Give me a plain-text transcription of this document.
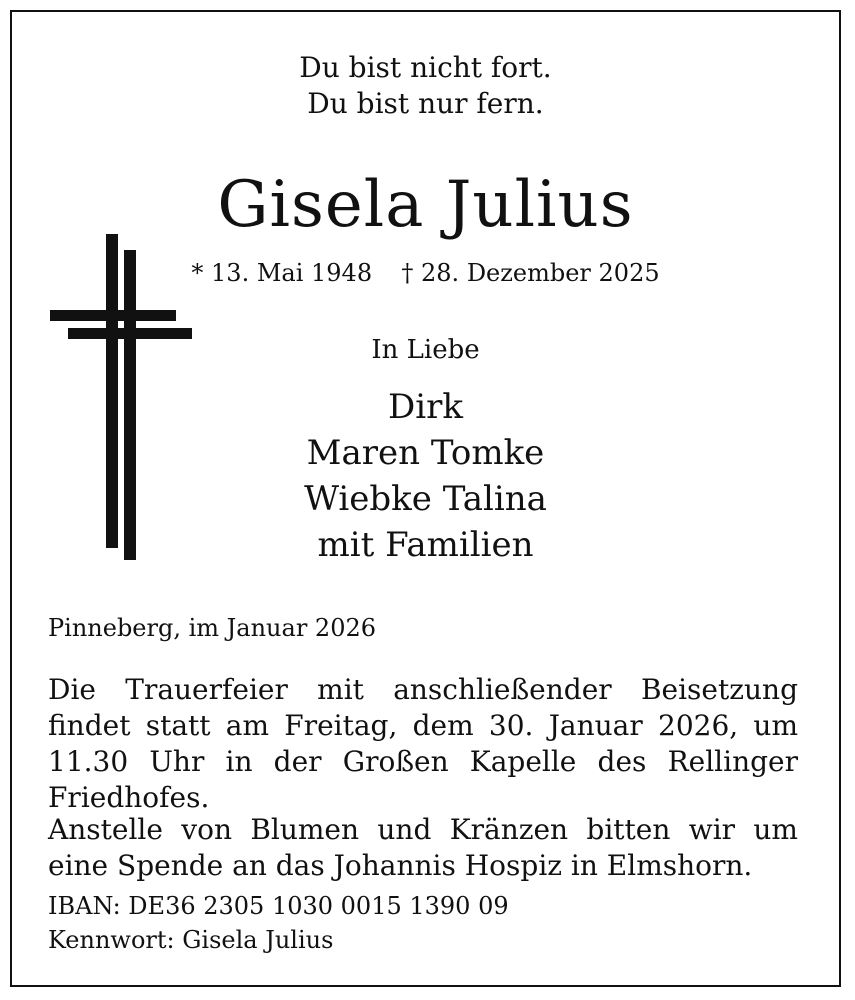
Du bist nicht fort.
Du bist nur fern.
Gisela Julius
* 13. Mai 1948 † 28. Dezember 2025
In Liebe
Dirk
Maren Tomke
Wiebke Talina
mit Familien
Pinneberg, im Januar 2026

Die Trauerfeier mit anschließender Beisetzung findet statt am Freitag, dem 30. Januar 2026, um 11.30 Uhr in der Großen Kapelle des Rellinger Friedhofes.

Anstelle von Blumen und Kränzen bitten wir um eine Spende an das Johannis Hospiz in Elmshorn.

IBAN: DE36 2305 1030 0015 1390 09
Kennwort: Gisela Julius
